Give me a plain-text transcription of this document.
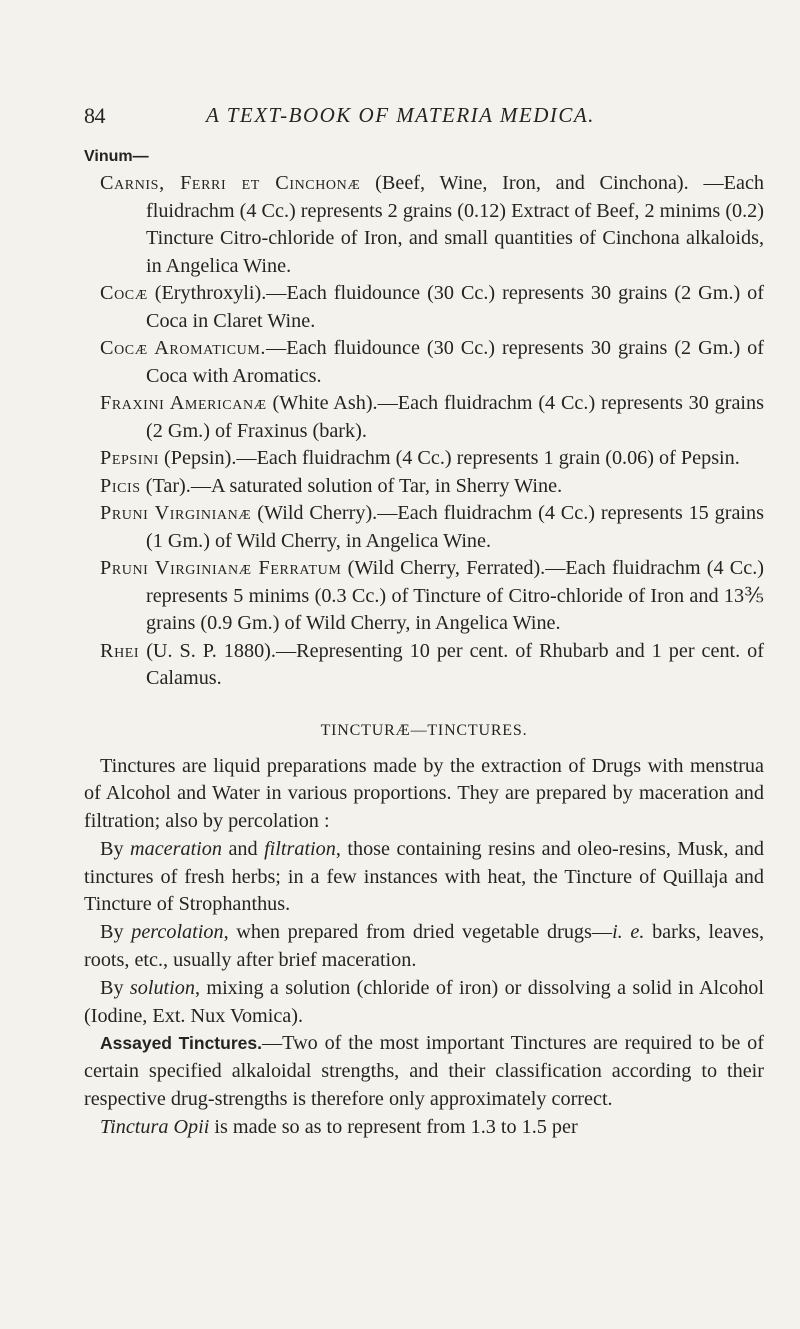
84	A TEXT-BOOK OF MATERIA MEDICA.

Vinum—

Carnis, Ferri et Cinchonæ (Beef, Wine, Iron, and Cinchona). —Each fluidrachm (4 Cc.) represents 2 grains (0.12) Extract of Beef, 2 minims (0.2) Tincture Citro-chloride of Iron, and small quantities of Cinchona alkaloids, in Angelica Wine.
Cocæ (Erythroxyli).—Each fluidounce (30 Cc.) represents 30 grains (2 Gm.) of Coca in Claret Wine.
Cocæ Aromaticum.—Each fluidounce (30 Cc.) represents 30 grains (2 Gm.) of Coca with Aromatics.
Fraxini Americanæ (White Ash).—Each fluidrachm (4 Cc.) represents 30 grains (2 Gm.) of Fraxinus (bark).
Pepsini (Pepsin).—Each fluidrachm (4 Cc.) represents 1 grain (0.06) of Pepsin.
Picis (Tar).—A saturated solution of Tar, in Sherry Wine.
Pruni Virginianæ (Wild Cherry).—Each fluidrachm (4 Cc.) represents 15 grains (1 Gm.) of Wild Cherry, in Angelica Wine.
Pruni Virginianæ Ferratum (Wild Cherry, Ferrated).—Each fluidrachm (4 Cc.) represents 5 minims (0.3 Cc.) of Tincture of Citro-chloride of Iron and 13⅗ grains (0.9 Gm.) of Wild Cherry, in Angelica Wine.
Rhei (U. S. P. 1880).—Representing 10 per cent. of Rhubarb and 1 per cent. of Calamus.
TINCTURÆ—TINCTURES.

Tinctures are liquid preparations made by the extraction of Drugs with menstrua of Alcohol and Water in various proportions. They are prepared by maceration and filtration; also by percolation :

By maceration and filtration, those containing resins and oleo-resins, Musk, and tinctures of fresh herbs; in a few instances with heat, the Tincture of Quillaja and Tincture of Strophanthus.

By percolation, when prepared from dried vegetable drugs—i. e. barks, leaves, roots, etc., usually after brief maceration.

By solution, mixing a solution (chloride of iron) or dissolving a solid in Alcohol (Iodine, Ext. Nux Vomica).

Assayed Tinctures.—Two of the most important Tinctures are required to be of certain specified alkaloidal strengths, and their classification according to their respective drug-strengths is therefore only approximately correct.

Tinctura Opii is made so as to represent from 1.3 to 1.5 per
